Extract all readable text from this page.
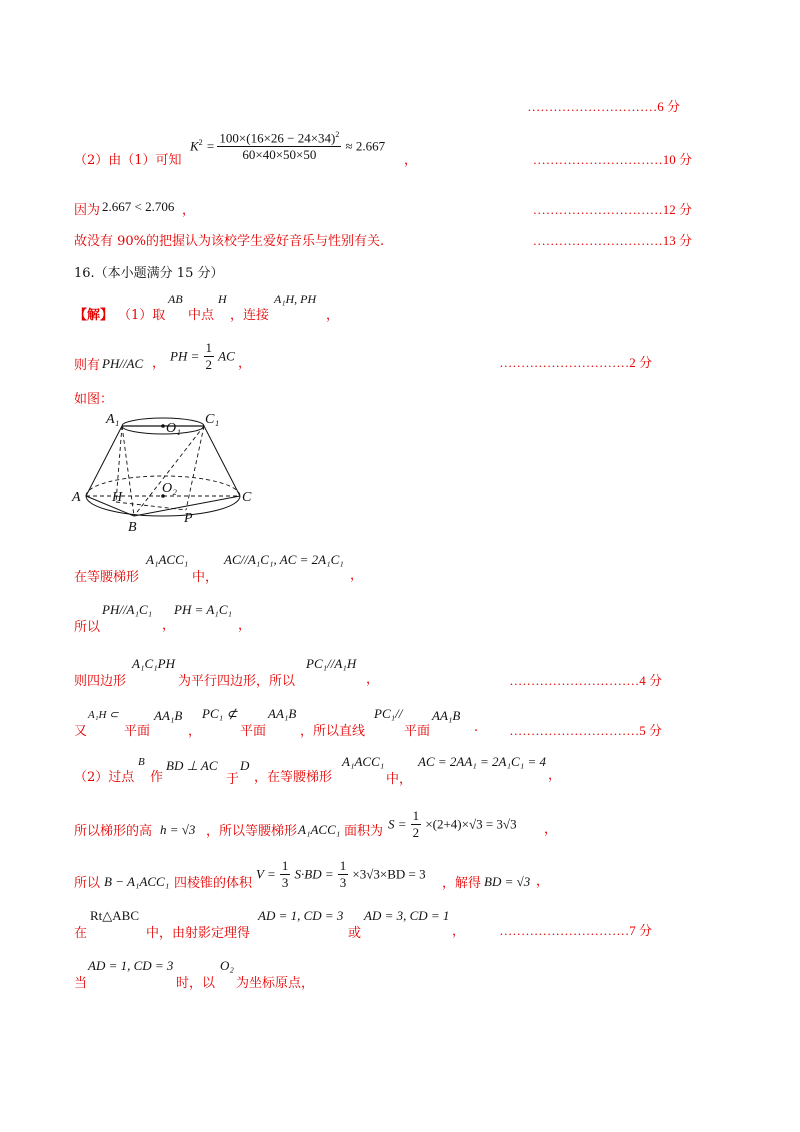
…………………………6 分
（2）由（1）可知
$K^2 = \frac{100\times(16\times 26 - 24\times 34)^2}{60\times 40\times 50\times 50} \approx 2.667$
，	…………………………10 分
因为 2.667 < 2.706 ，	…………………………12 分
故没有 90%的把握认为该校学生爱好音乐与性别有关.	…………………………13 分
16.（本小题满分 15 分）
【解】 （1）取
AB
中点
H
，连接
A₁H, PH
，
则有 PH//AC ， PH = $\frac{1}{2}$ AC ，	…………………………2 分
如图：
A₁	C₁
O₁
A	C
H
O₂
B
P
在等腰梯形
A₁ACC₁
中，
AC//A₁C₁, AC = 2A₁C₁
，
所以
PH//A₁C₁
，
PH = A₁C₁
，
则四边形
A₁C₁PH
为平行四边形，所以
PC₁//A₁H
，	…………………………4 分
又
A₁H ⊂
平面
AA₁B
，
PC₁ ⊄
平面
AA₁B
，所以直线
PC₁//
平面
AA₁B
. …………………………5 分
（2）过点
B
作
BD ⊥ AC
于
D
，在等腰梯形
A₁ACC₁
中，
AC = 2AA₁ = 2A₁C₁ = 4
，
所以梯形的高 h = √3 ，所以等腰梯形 A₁ACC₁ 面积为 $S = \frac{1}{2} \times(2+4)\times√3 = 3√3$ ，
所以 B − A₁ACC₁ 四棱锥的体积
$V = \frac{1}{3} S\cdot BD = \frac{1}{3} \times 3√3\times BD = 3$
，解得 BD = √3 ，
在
Rt△ABC
中，由射影定理得
AD = 1, CD = 3
或
AD = 3, CD = 1
，	…………………………7 分
当
AD = 1, CD = 3
时，以
O₂
为坐标原点，
